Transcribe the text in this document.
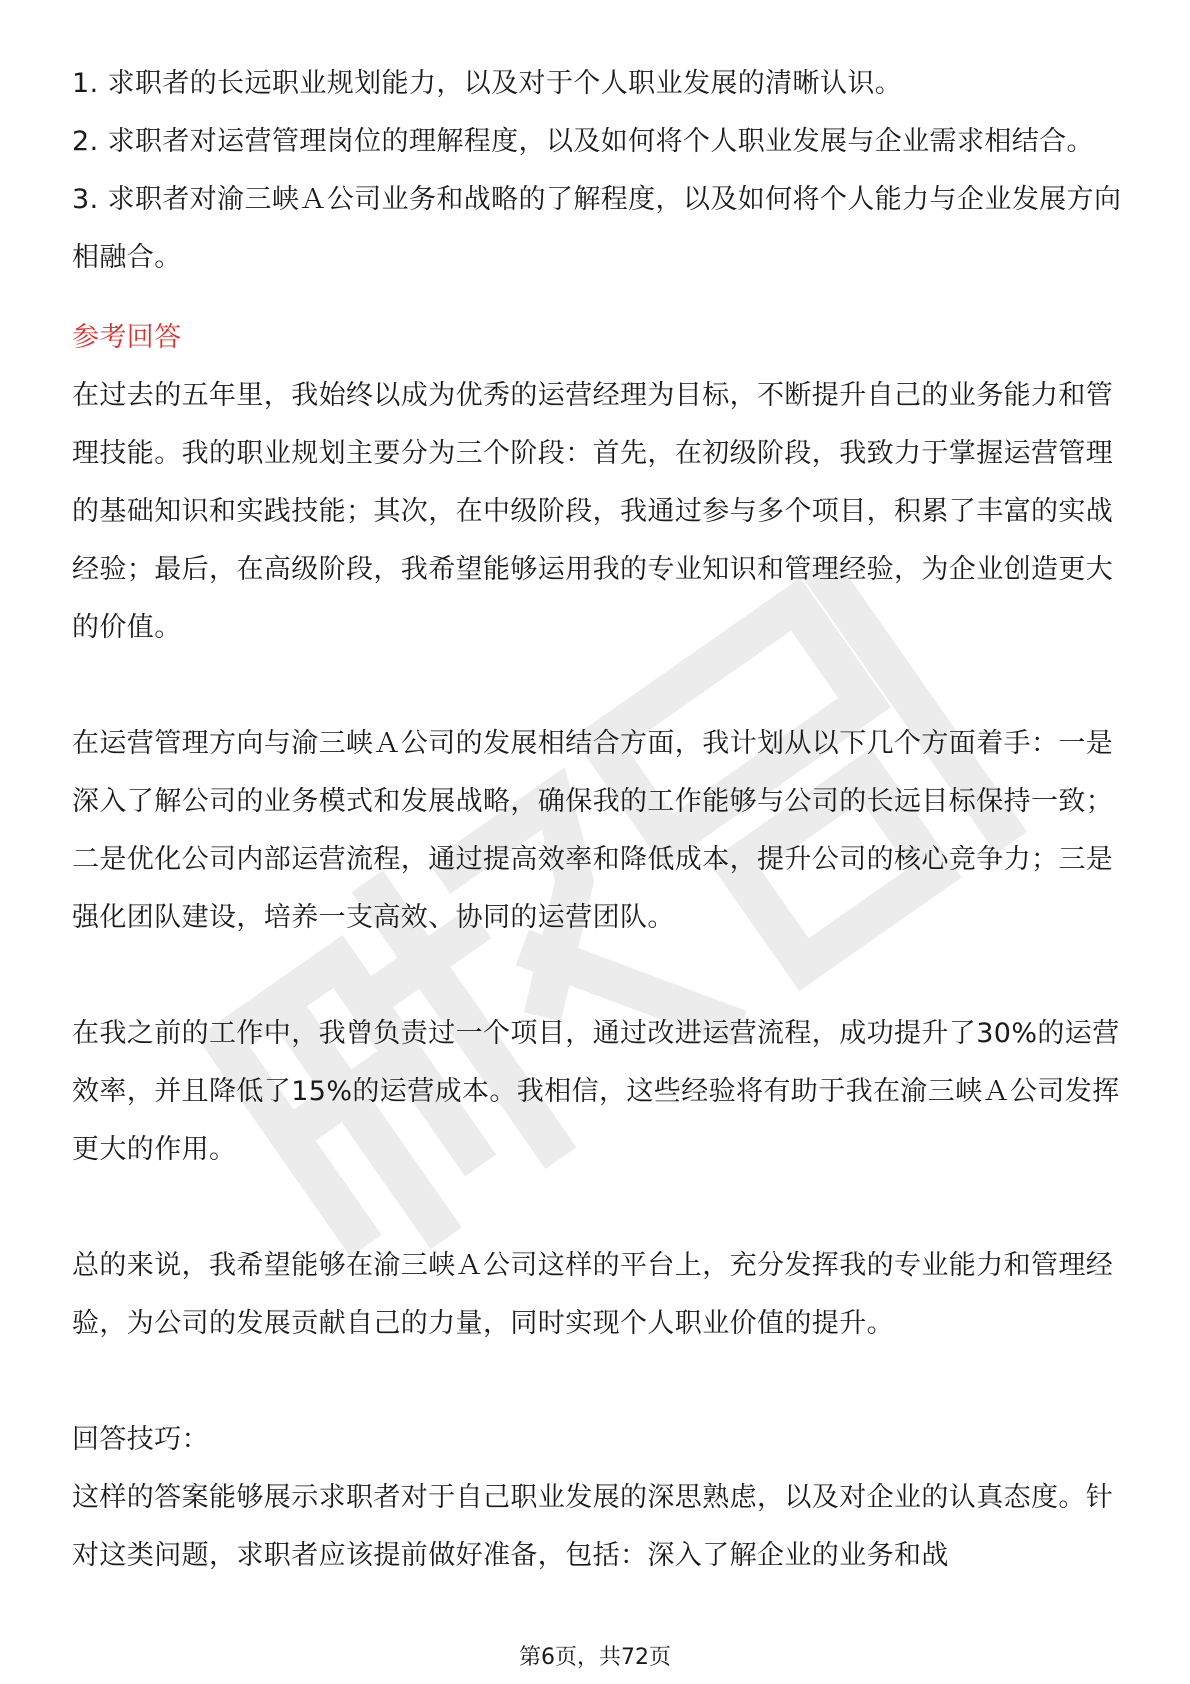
1. 求职者的长远职业规划能力，以及对于个人职业发展的清晰认识。

2. 求职者对运营管理岗位的理解程度，以及如何将个人职业发展与企业需求相结合。

3. 求职者对渝三峡Ａ公司业务和战略的了解程度，以及如何将个人能力与企业发展方向相融合。

参考回答

在过去的五年里，我始终以成为优秀的运营经理为目标，不断提升自己的业务能力和管理技能。我的职业规划主要分为三个阶段：首先，在初级阶段，我致力于掌握运营管理的基础知识和实践技能；其次，在中级阶段，我通过参与多个项目，积累了丰富的实战经验；最后，在高级阶段，我希望能够运用我的专业知识和管理经验，为企业创造更大的价值。

在运营管理方向与渝三峡Ａ公司的发展相结合方面，我计划从以下几个方面着手：一是深入了解公司的业务模式和发展战略，确保我的工作能够与公司的长远目标保持一致；二是优化公司内部运营流程，通过提高效率和降低成本，提升公司的核心竞争力；三是强化团队建设，培养一支高效、协同的运营团队。

在我之前的工作中，我曾负责过一个项目，通过改进运营流程，成功提升了30%的运营效率，并且降低了15%的运营成本。我相信，这些经验将有助于我在渝三峡Ａ公司发挥更大的作用。

总的来说，我希望能够在渝三峡Ａ公司这样的平台上，充分发挥我的专业能力和管理经验，为公司的发展贡献自己的力量，同时实现个人职业价值的提升。

回答技巧：

这样的答案能够展示求职者对于自己职业发展的深思熟虑，以及对企业的认真态度。针对这类问题，求职者应该提前做好准备，包括：深入了解企业的业务和战

第6页，共72页
